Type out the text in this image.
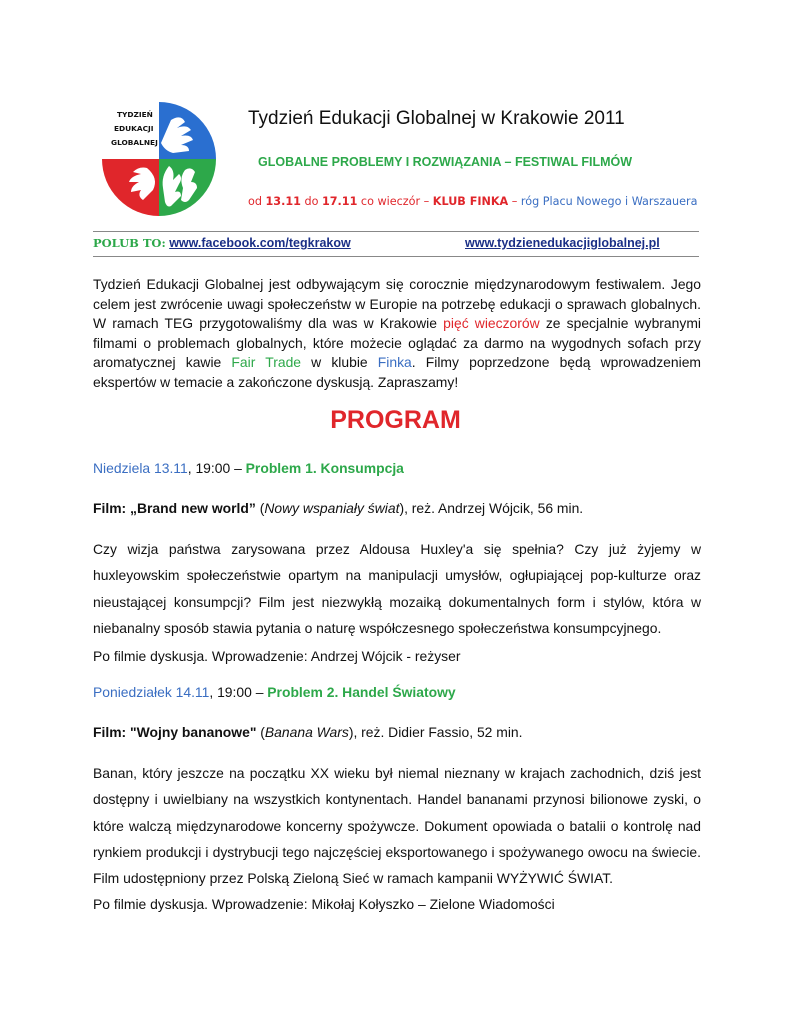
TYDZIEŃ
EDUKACJI
GLOBALNEJ
Tydzień Edukacji Globalnej w Krakowie 2011
GLOBALNE PROBLEMY I ROZWIĄZANIA – FESTIWAL FILMÓW
od 13.11 do 17.11 co wieczór – KLUB FINKA – róg Placu Nowego i Warszauera
POLUB TO: www.facebook.com/tegkrakow	www.tydzienedukacjiglobalnej.pl
Tydzień Edukacji Globalnej jest odbywającym się corocznie międzynarodowym festiwalem. Jego celem jest zwrócenie uwagi społeczeństw w Europie na potrzebę edukacji o sprawach globalnych. W ramach TEG przygotowaliśmy dla was w Krakowie pięć wieczorów ze specjalnie wybranymi filmami o problemach globalnych, które możecie oglądać za darmo na wygodnych sofach przy aromatycznej kawie Fair Trade w klubie Finka. Filmy poprzedzone będą wprowadzeniem ekspertów w temacie a zakończone dyskusją. Zapraszamy!
PROGRAM
Niedziela 13.11, 19:00 – Problem 1. Konsumpcja
Film: „Brand new world” (Nowy wspaniały świat), reż. Andrzej Wójcik, 56 min.
Czy wizja państwa zarysowana przez Aldousa Huxley'a się spełnia? Czy już żyjemy w huxleyowskim społeczeństwie opartym na manipulacji umysłów, ogłupiającej pop-kulturze oraz nieustającej konsumpcji? Film jest niezwykłą mozaiką dokumentalnych form i stylów, która w niebanalny sposób stawia pytania o naturę współczesnego społeczeństwa konsumpcyjnego.
Po filmie dyskusja. Wprowadzenie: Andrzej Wójcik - reżyser
Poniedziałek 14.11, 19:00 – Problem 2. Handel Światowy
Film: "Wojny bananowe" (Banana Wars), reż. Didier Fassio, 52 min.
Banan, który jeszcze na początku XX wieku był niemal nieznany w krajach zachodnich, dziś jest dostępny i uwielbiany na wszystkich kontynentach. Handel bananami przynosi bilionowe zyski, o które walczą międzynarodowe koncerny spożywcze. Dokument opowiada o batalii o kontrolę nad rynkiem produkcji i dystrybucji tego najczęściej eksportowanego i spożywanego owocu na świecie. Film udostępniony przez Polską Zieloną Sieć w ramach kampanii WYŻYWIĆ ŚWIAT.
Po filmie dyskusja. Wprowadzenie: Mikołaj Kołyszko – Zielone Wiadomości
